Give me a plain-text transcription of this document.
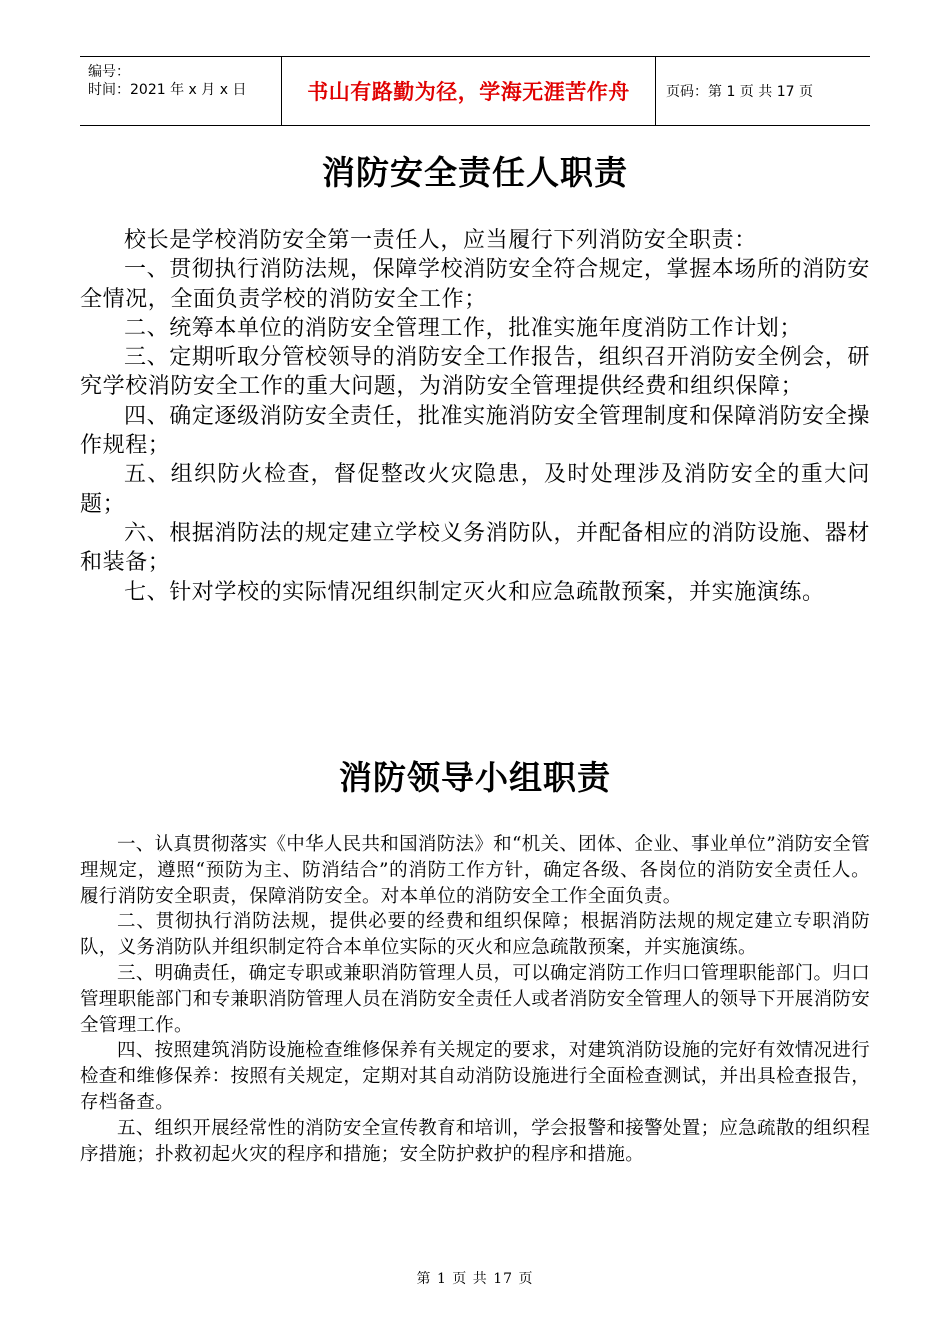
编号：
时间：2021 年 x 月 x 日	书山有路勤为径，学海无涯苦作舟	页码：第 1 页 共 17 页
消防安全责任人职责

校长是学校消防安全第一责任人，应当履行下列消防安全职责：

一、贯彻执行消防法规，保障学校消防安全符合规定，掌握本场所的消防安全情况，全面负责学校的消防安全工作；

二、统筹本单位的消防安全管理工作，批准实施年度消防工作计划；

三、定期听取分管校领导的消防安全工作报告，组织召开消防安全例会，研究学校消防安全工作的重大问题，为消防安全管理提供经费和组织保障；

四、确定逐级消防安全责任，批准实施消防安全管理制度和保障消防安全操作规程；

五、组织防火检查，督促整改火灾隐患，及时处理涉及消防安全的重大问题；

六、根据消防法的规定建立学校义务消防队，并配备相应的消防设施、器材和装备；

七、针对学校的实际情况组织制定灭火和应急疏散预案，并实施演练。

消防领导小组职责

一、认真贯彻落实《中华人民共和国消防法》和“机关、团体、企业、事业单位”消防安全管理规定，遵照“预防为主、防消结合”的消防工作方针，确定各级、各岗位的消防安全责任人。履行消防安全职责，保障消防安全。对本单位的消防安全工作全面负责。

二、贯彻执行消防法规，提供必要的经费和组织保障；根据消防法规的规定建立专职消防队，义务消防队并组织制定符合本单位实际的灭火和应急疏散预案，并实施演练。

三、明确责任，确定专职或兼职消防管理人员，可以确定消防工作归口管理职能部门。归口管理职能部门和专兼职消防管理人员在消防安全责任人或者消防安全管理人的领导下开展消防安全管理工作。

四、按照建筑消防设施检查维修保养有关规定的要求，对建筑消防设施的完好有效情况进行检查和维修保养：按照有关规定，定期对其自动消防设施进行全面检查测试，并出具检查报告，存档备查。

五、组织开展经常性的消防安全宣传教育和培训，学会报警和接警处置；应急疏散的组织程序措施；扑救初起火灾的程序和措施；安全防护救护的程序和措施。

第 1 页 共 17 页
